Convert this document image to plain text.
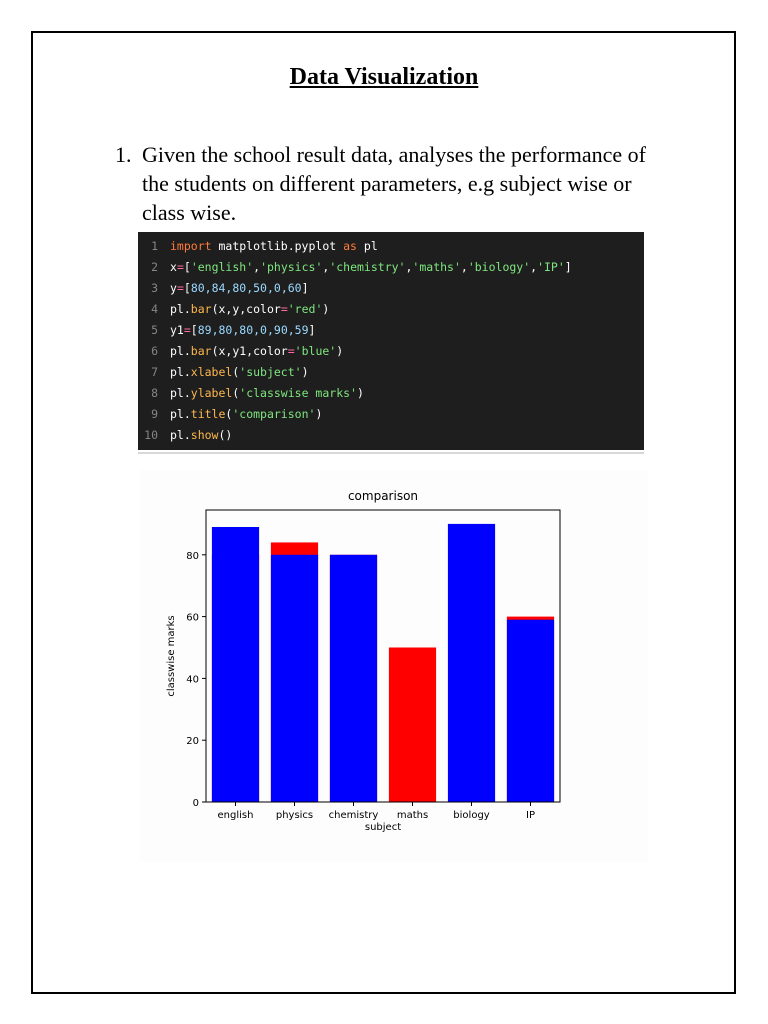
Data Visualization
1. Given the school result data, analyses the performance of the students on different parameters, e.g subject wise or class wise.
1 import matplotlib.pyplot as pl
2 x = [ 'english' , 'physics' , 'chemistry' , 'maths' , 'biology' , 'IP' ]
3 y = [ 80,84,80,50,0,60 ]
4 pl. bar (x,y,color = 'red' )
5 y1 = [ 89,80,80,0,90,59 ]
6 pl. bar (x,y1,color = 'blue' )
7 pl. xlabel ( 'subject' )
8 pl. ylabel ( 'classwise marks' )
9 pl. title ( 'comparison' )
10 pl. show ()
comparison
0
20
40
60
80
english physics chemistry maths	biology	IP
subject
classwise marks
